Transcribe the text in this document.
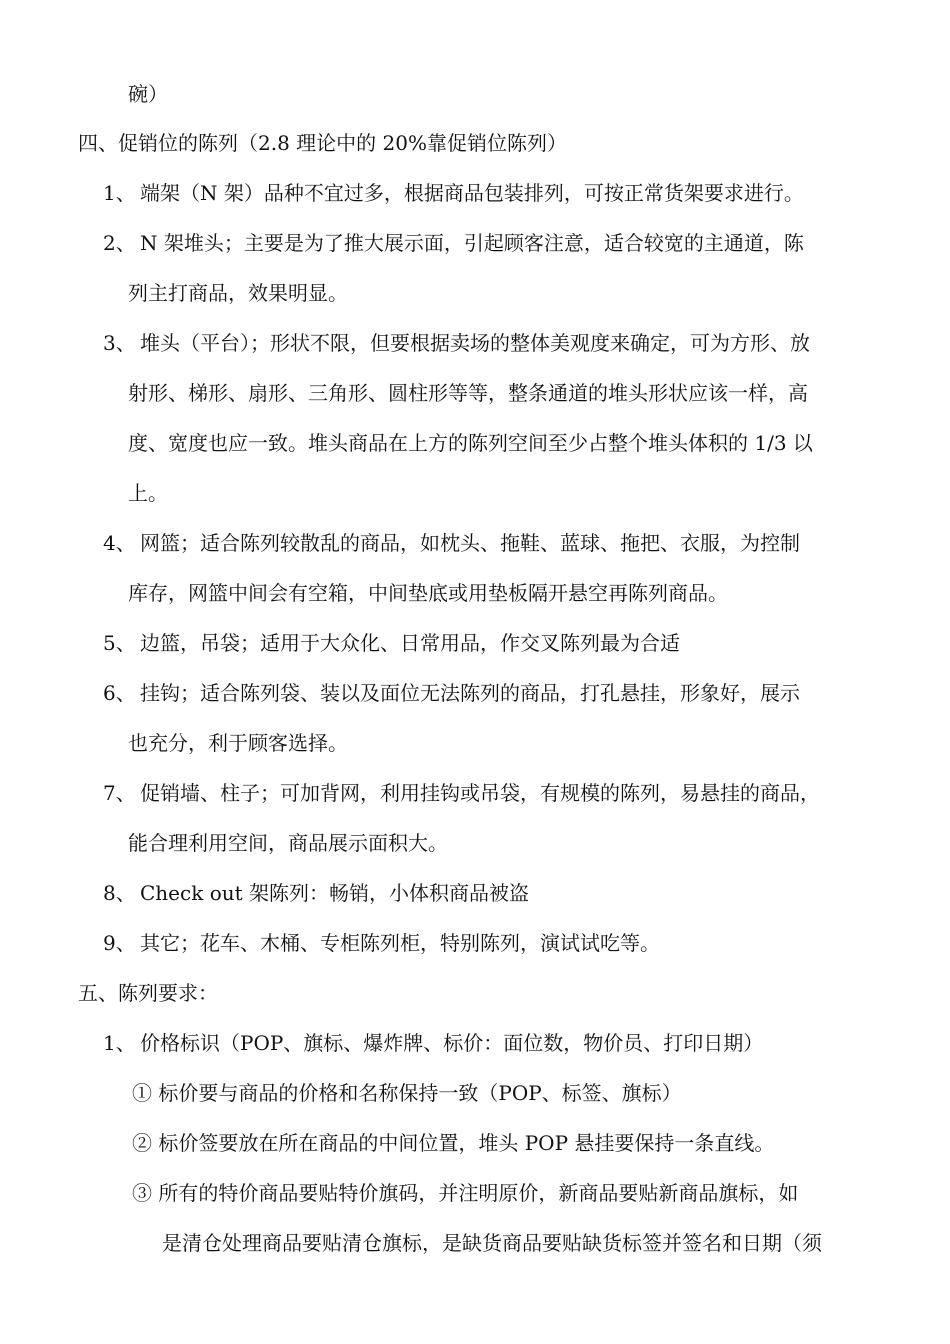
碗）
四、促销位的陈列（2.8 理论中的 20%靠促销位陈列）
1、 端架（N 架）品种不宜过多，根据商品包装排列，可按正常货架要求进行。
2、 N 架堆头；主要是为了推大展示面，引起顾客注意，适合较宽的主通道，陈
列主打商品，效果明显。
3、 堆头（平台）；形状不限，但要根据卖场的整体美观度来确定，可为方形、放
射形、梯形、扇形、三角形、圆柱形等等，整条通道的堆头形状应该一样，高
度、宽度也应一致。堆头商品在上方的陈列空间至少占整个堆头体积的 1/3 以
上。
4、 网篮；适合陈列较散乱的商品，如枕头、拖鞋、蓝球、拖把、衣服，为控制
库存，网篮中间会有空箱，中间垫底或用垫板隔开悬空再陈列商品。
5、 边篮，吊袋；适用于大众化、日常用品，作交叉陈列最为合适
6、 挂钩；适合陈列袋、装以及面位无法陈列的商品，打孔悬挂，形象好，展示
也充分，利于顾客选择。
7、 促销墙、柱子；可加背网，利用挂钩或吊袋，有规模的陈列，易悬挂的商品，
能合理利用空间，商品展示面积大。
8、 Check out 架陈列：畅销，小体积商品被盗
9、 其它；花车、木桶、专柜陈列柜，特别陈列，演试试吃等。
五、陈列要求：
1、 价格标识（POP、旗标、爆炸牌、标价：面位数，物价员、打印日期）
① 标价要与商品的价格和名称保持一致（POP、标签、旗标）
② 标价签要放在所在商品的中间位置，堆头 POP 悬挂要保持一条直线。
③ 所有的特价商品要贴特价旗码，并注明原价，新商品要贴新商品旗标，如
是清仓处理商品要贴清仓旗标，是缺货商品要贴缺货标签并签名和日期（须
